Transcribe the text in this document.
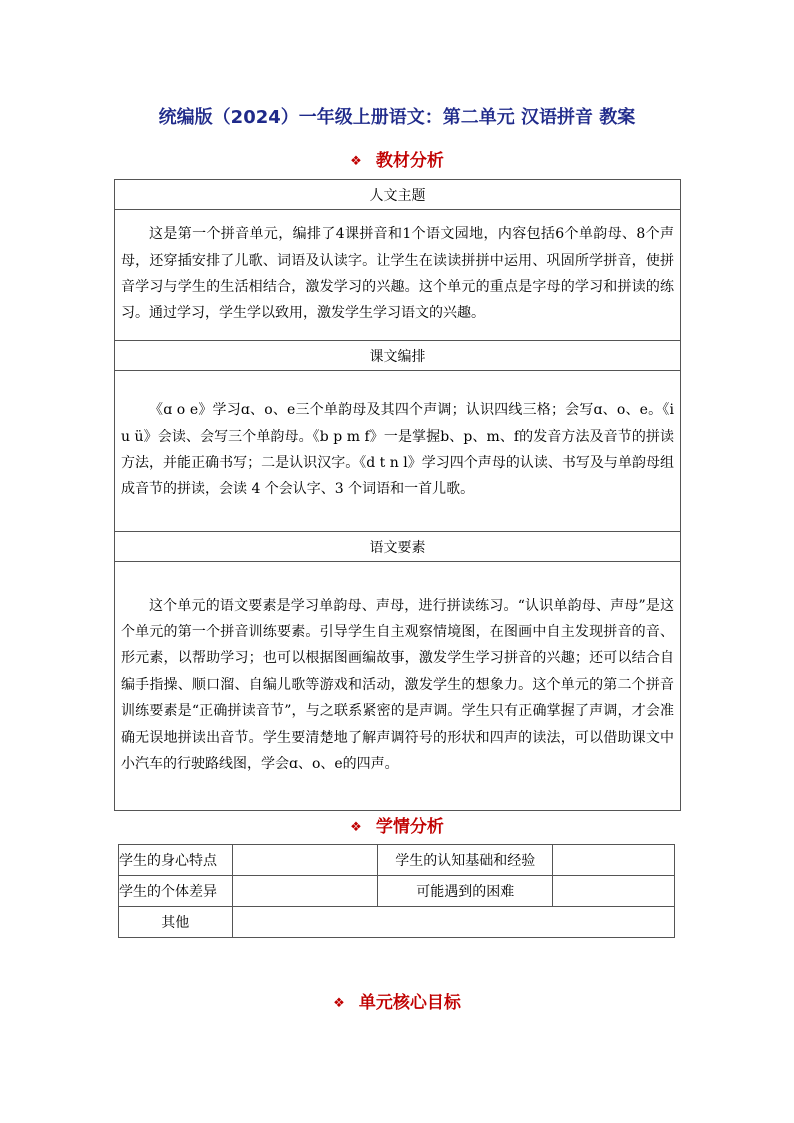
统编版（2024）一年级上册语文：第二单元 汉语拼音 教案
❖ 教材分析
人文主题
这是第一个拼音单元，编排了4课拼音和1个语文园地，内容包括6个单韵母、8个声母，还穿插安排了儿歌、词语及认读字。让学生在读读拼拼中运用、巩固所学拼音，使拼音学习与学生的生活相结合，激发学习的兴趣。这个单元的重点是字母的学习和拼读的练习。通过学习，学生学以致用，激发学生学习语文的兴趣。
课文编排
《ɑ o e》学习ɑ、o、e三个单韵母及其四个声调；认识四线三格；会写ɑ、o、e。《i u ü》会读、会写三个单韵母。《b p m f》一是掌握b、p、m、f的发音方法及音节的拼读方法，并能正确书写；二是认识汉字。《d t n l》学习四个声母的认读、书写及与单韵母组成音节的拼读，会读 4 个会认字、3 个词语和一首儿歌。
语文要素
这个单元的语文要素是学习单韵母、声母，进行拼读练习。“认识单韵母、声母”是这个单元的第一个拼音训练要素。引导学生自主观察情境图，在图画中自主发现拼音的音、形元素，以帮助学习；也可以根据图画编故事，激发学生学习拼音的兴趣；还可以结合自编手指操、顺口溜、自编儿歌等游戏和活动，激发学生的想象力。这个单元的第二个拼音训练要素是“正确拼读音节”，与之联系紧密的是声调。学生只有正确掌握了声调，才会准确无误地拼读出音节。学生要清楚地了解声调符号的形状和四声的读法，可以借助课文中小汽车的行驶路线图，学会ɑ、o、e的四声。
❖ 学情分析
学生的身心特点		学生的认知基础和经验	
学生的个体差异		可能遇到的困难	
其他			
❖ 单元核心目标
